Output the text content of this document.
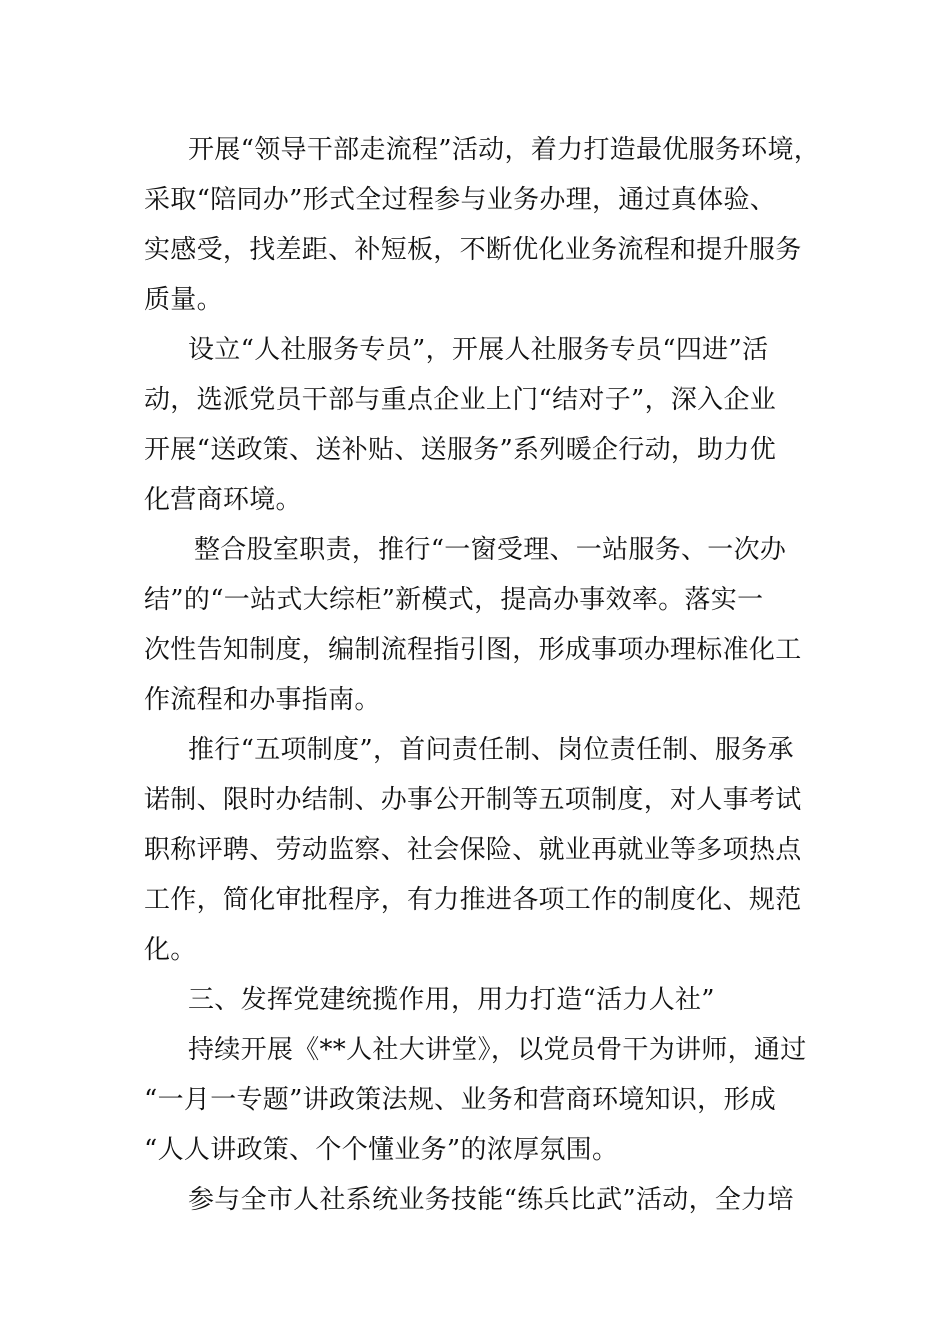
开展“领导干部走流程”活动，着力打造最优服务环境，
采取“陪同办”形式全过程参与业务办理，通过真体验、
实感受，找差距、补短板，不断优化业务流程和提升服务
质量。
设立“人社服务专员”，开展人社服务专员“四进”活
动，选派党员干部与重点企业上门“结对子”，深入企业
开展“送政策、送补贴、送服务”系列暖企行动，助力优
化营商环境。
整合股室职责，推行“一窗受理、一站服务、一次办
结”的“一站式大综柜”新模式，提高办事效率。落实一
次性告知制度，编制流程指引图，形成事项办理标准化工
作流程和办事指南。
推行“五项制度”，首问责任制、岗位责任制、服务承
诺制、限时办结制、办事公开制等五项制度，对人事考试
职称评聘、劳动监察、社会保险、就业再就业等多项热点
工作，简化审批程序，有力推进各项工作的制度化、规范
化。
三、发挥党建统揽作用，用力打造“活力人社”
持续开展《**人社大讲堂》，以党员骨干为讲师，通过
“一月一专题”讲政策法规、业务和营商环境知识，形成
“人人讲政策、个个懂业务”的浓厚氛围。
参与全市人社系统业务技能“练兵比武”活动，全力培
